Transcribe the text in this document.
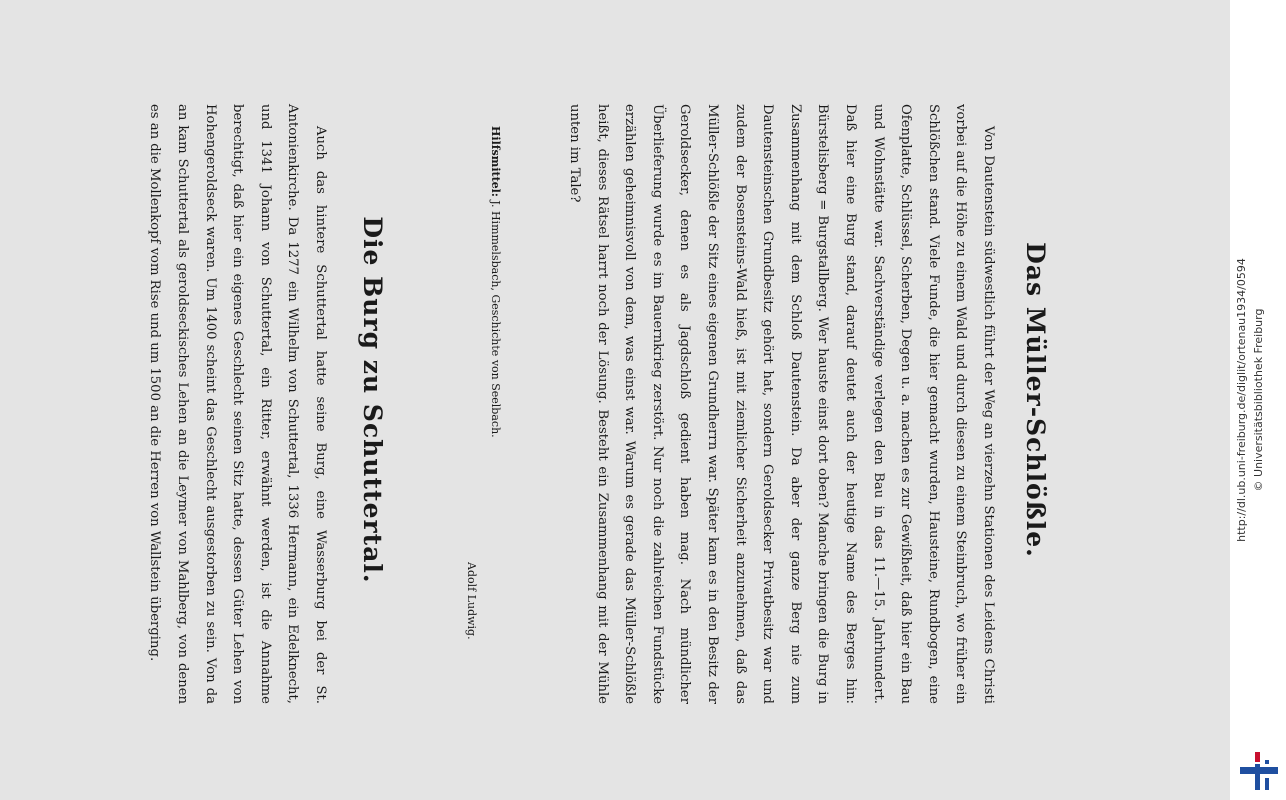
Das Müller-Schlößle.

Von Dautenstein südwestlich führt der Weg an vierzehn Stationen des Leidens Christi vorbei auf die Höhe zu einem Wald und durch diesen zu einem Steinbruch, wo früher ein Schlößchen stand. Viele Funde, die hier gemacht wurden, Hausteine, Rundbogen, eine Ofenplatte, Schlüssel, Scherben, Degen u. a. machen es zur Gewißheit, daß hier ein Bau und Wohnstätte war. Sachverständige verlegen den Bau in das 11.—15. Jahrhundert. Daß hier eine Burg stand, darauf deutet auch der heutige Name des Berges hin: Bürstelisberg = Burgstallberg. Wer hauste einst dort oben? Manche bringen die Burg in Zusammenhang mit dem Schloß Dautenstein. Da aber der ganze Berg nie zum Dautensteinschen Grundbesitz gehört hat, sondern Geroldsecker Privatbesitz war und zudem der Bosensteins-Wald hieß, ist mit ziemlicher Sicherheit anzunehmen, daß das Müller-Schlößle der Sitz eines eigenen Grundherrn war. Später kam es in den Besitz der Geroldsecker, denen es als Jagdschloß gedient haben mag. Nach mündlicher Überlieferung wurde es im Bauernkrieg zerstört. Nur noch die zahlreichen Fundstücke erzählen geheimnisvoll von dem, was einst war. Warum es gerade das Müller-Schlößle heißt, dieses Rätsel harrt noch der Lösung. Besteht ein Zusammenhang mit der Mühle unten im Tale?

Hilfsmittel: J. Himmelsbach, Geschichte von Seelbach.
Adolf Ludwig.
Die Burg zu Schuttertal.

Auch das hintere Schuttertal hatte seine Burg, eine Wasserburg bei der St. Antonienkirche. Da 1277 ein Wilhelm von Schuttertal, 1336 Hermann, ein Edelknecht, und 1341 Johann von Schuttertal, ein Ritter, erwähnt werden, ist die Annahme berechtigt, daß hier ein eigenes Geschlecht seinen Sitz hatte, dessen Güter Lehen von Hohengeroldseck waren. Um 1400 scheint das Geschlecht ausgestorben zu sein. Von da an kam Schuttertal als geroldseckisches Lehen an die Leymer von Mahlberg, von denen es an die Mollenkopf vom Rise und um 1500 an die Herren von Wallstein überging.	http://dl.ub.uni-freiburg.de/diglit/ortenau1934/0594 © Universitätsbibliothek Freiburg
